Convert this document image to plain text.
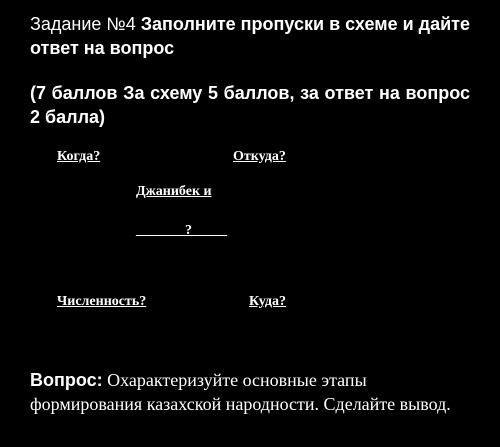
Задание №4 Заполните пропуски в схеме и дайте ответ на вопрос
(7 баллов За схему 5 баллов, за ответ на вопрос 2 балла)
Когда?	Откуда?
Джанибек и
_______?_____
Численность?	Куда?
Вопрос: Охарактеризуйте основные этапы формирования казахской народности. Сделайте вывод.
